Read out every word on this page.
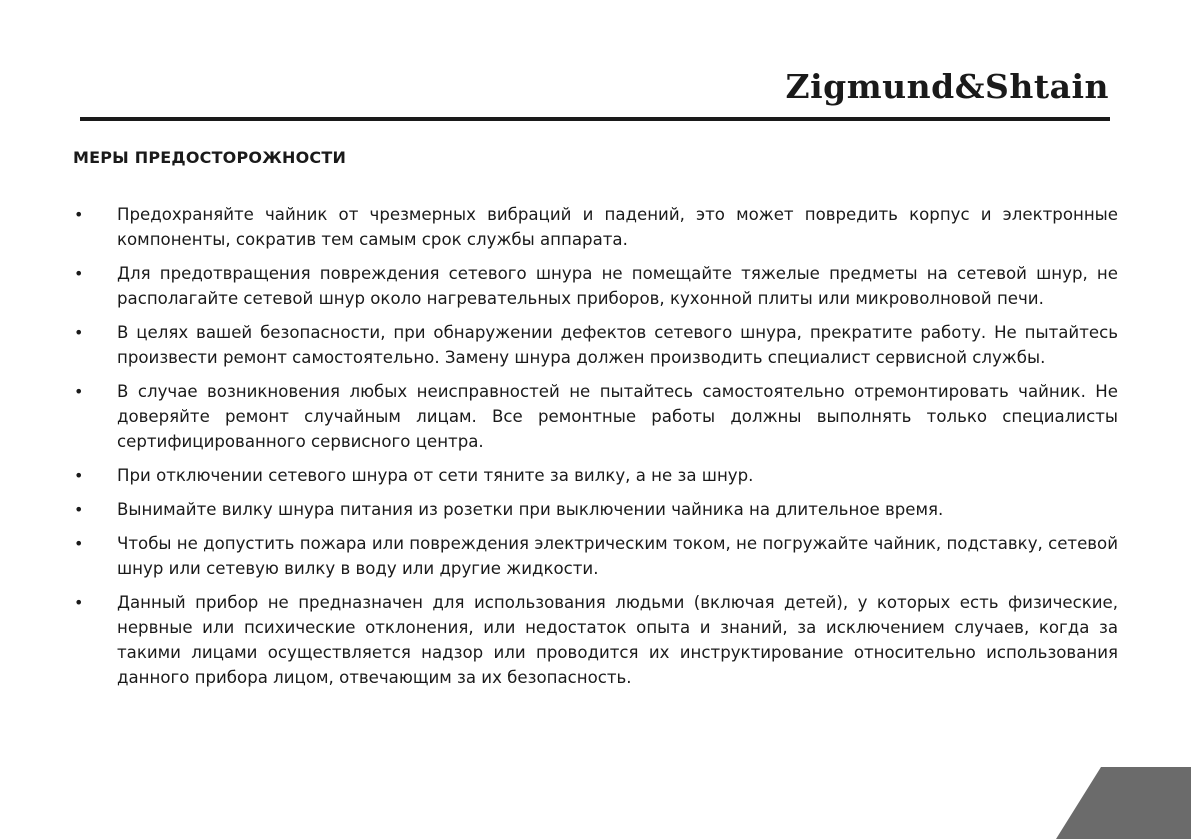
Zigmund&Shtain
МЕРЫ ПРЕДОСТОРОЖНОСТИ
• Предохраняйте чайник от чрезмерных вибраций и падений, это может повредить корпус и электронные компоненты, сократив тем самым срок службы аппарата.
• Для предотвращения повреждения сетевого шнура не помещайте тяжелые предметы на сетевой шнур, не располагайте сетевой шнур около нагревательных приборов, кухонной плиты или микроволновой печи.
• В целях вашей безопасности, при обнаружении дефектов сетевого шнура, прекратите работу. Не пытайтесь произвести ремонт самостоятельно. Замену шнура должен производить специалист сервисной службы.
• В случае возникновения любых неисправностей не пытайтесь самостоятельно отремонтировать чайник. Не доверяйте ремонт случайным лицам. Все ремонтные работы должны выполнять только специалисты сертифицированного сервисного центра.
• При отключении сетевого шнура от сети тяните за вилку, а не за шнур.
• Вынимайте вилку шнура питания из розетки при выключении чайника на длительное время.
• Чтобы не допустить пожара или повреждения электрическим током, не погружайте чайник, подставку, сетевой шнур или сетевую вилку в воду или другие жидкости.
• Данный прибор не предназначен для использования людьми (включая детей), у которых есть физические, нервные или психические отклонения, или недостаток опыта и знаний, за исключением случаев, когда за такими лицами осуществляется надзор или проводится их инструктирование относительно использования данного прибора лицом, отвечающим за их безопасность.
